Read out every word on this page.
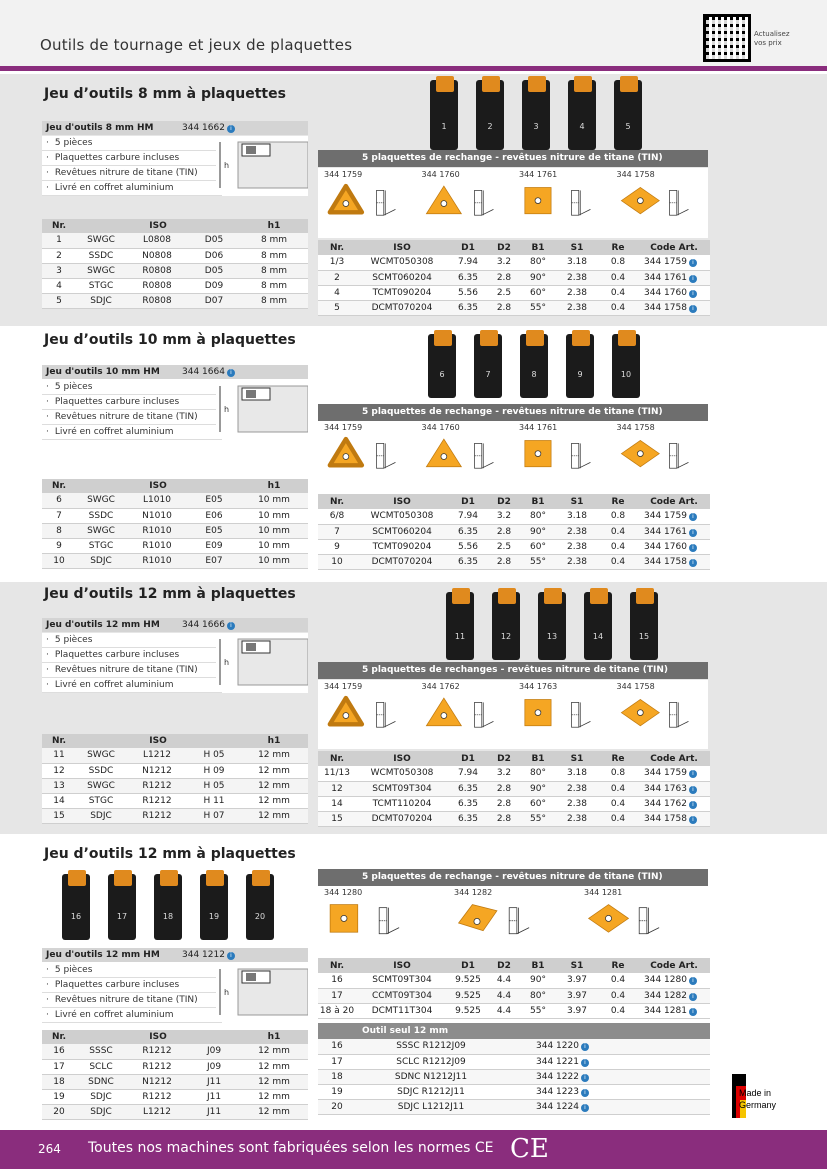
Outils de tournage et jeux de plaquettes
Actualisez vos prix
Jeu d’outils 8 mm à plaquettes
Jeu d'outils 8 mm HM	344 1662 i
· 5 pièces
· Plaquettes carbure incluses
· Revêtues nitrure de titane (TIN)
· Livré en coffret aluminium
h
Nr.	ISO			h1
1	SWGC	L0808	D05	8 mm
2	SSDC	N0808	D06	8 mm
3	SWGC	R0808	D05	8 mm
4	STGC	R0808	D09	8 mm
5	SDJC	R0808	D07	8 mm
1	2	3	4	5
5 plaquettes de rechange - revêtues nitrure de titane (TIN)
344 1759	344 1760	344 1761	344 1758
Nr.	ISO	D1	D2	B1	S1	Re	Code Art.
1/3	WCMT050308	7.94	3.2	80°	3.18	0.8	344 1759 i
2	SCMT060204	6.35	2.8	90°	2.38	0.4	344 1761 i
4	TCMT090204	5.56	2.5	60°	2.38	0.4	344 1760 i
5	DCMT070204	6.35	2.8	55°	2.38	0.4	344 1758 i
Jeu d’outils 10 mm à plaquettes
Jeu d'outils 10 mm HM 344 1664 i
· 5 pièces
· Plaquettes carbure incluses
· Revêtues nitrure de titane (TIN)
· Livré en coffret aluminium
h
Nr.	ISO			h1
6	SWGC	L1010	E05	10 mm
7	SSDC	N1010	E06	10 mm
8	SWGC	R1010	E05	10 mm
9	STGC	R1010	E09	10 mm
10	SDJC	R1010	E07	10 mm
6	7	8	9	10
5 plaquettes de rechange - revêtues nitrure de titane (TIN)
344 1759	344 1760	344 1761	344 1758
Nr.	ISO	D1	D2	B1	S1	Re	Code Art.
6/8	WCMT050308	7.94	3.2	80°	3.18	0.8	344 1759 i
7	SCMT060204	6.35	2.8	90°	2.38	0.4	344 1761 i
9	TCMT090204	5.56	2.5	60°	2.38	0.4	344 1760 i
10	DCMT070204	6.35	2.8	55°	2.38	0.4	344 1758 i
Jeu d’outils 12 mm à plaquettes
Jeu d'outils 12 mm HM 344 1666 i
· 5 pièces
· Plaquettes carbure incluses
· Revêtues nitrure de titane (TIN)
· Livré en coffret aluminium
h
Nr.	ISO			h1
11	SWGC	L1212	H 05	12 mm
12	SSDC	N1212	H 09	12 mm
13	SWGC	R1212	H 05	12 mm
14	STGC	R1212	H 11	12 mm
15	SDJC	R1212	H 07	12 mm
11	12	13	14	15
5 plaquettes de rechanges - revêtues nitrure de titane (TIN)
344 1759	344 1762	344 1763	344 1758
Nr.	ISO	D1	D2	B1	S1	Re	Code Art.
11/13	WCMT050308	7.94	3.2	80°	3.18	0.8	344 1759 i
12	SCMT09T304	6.35	2.8	90°	2.38	0.4	344 1763 i
14	TCMT110204	6.35	2.8	60°	2.38	0.4	344 1762 i
15	DCMT070204	6.35	2.8	55°	2.38	0.4	344 1758 i
Jeu d’outils 12 mm à plaquettes
Jeu d'outils 12 mm HM 344 1212 i
· 5 pièces
· Plaquettes carbure incluses
· Revêtues nitrure de titane (TIN)
· Livré en coffret aluminium
h
Nr.	ISO			h1
16	SSSC	R1212	J09	12 mm
17	SCLC	R1212	J09	12 mm
18	SDNC	N1212	J11	12 mm
19	SDJC	R1212	J11	12 mm
20	SDJC	L1212	J11	12 mm
16	17	18	19	20
5 plaquettes de rechange - revêtues nitrure de titane (TIN)
344 1280	344 1282	344 1281
Nr.	ISO	D1	D2	B1	S1	Re	Code Art.
16	SCMT09T304	9.525	4.4	90°	3.97	0.4	344 1280 i
17	CCMT09T304	9.525	4.4	80°	3.97	0.4	344 1282 i
18 à 20	DCMT11T304	9.525	4.4	55°	3.97	0.4	344 1281 i
Outil seul 12 mm
16	SSSC R1212J09	344 1220 i	
17	SCLC R1212J09	344 1221 i	
18	SDNC N1212J11	344 1222 i	
19	SDJC R1212J11	344 1223 i	
20	SDJC L1212J11	344 1224 i	
264 Toutes nos machines sont fabriquées selon les normes CE CE
Made in
Germany
